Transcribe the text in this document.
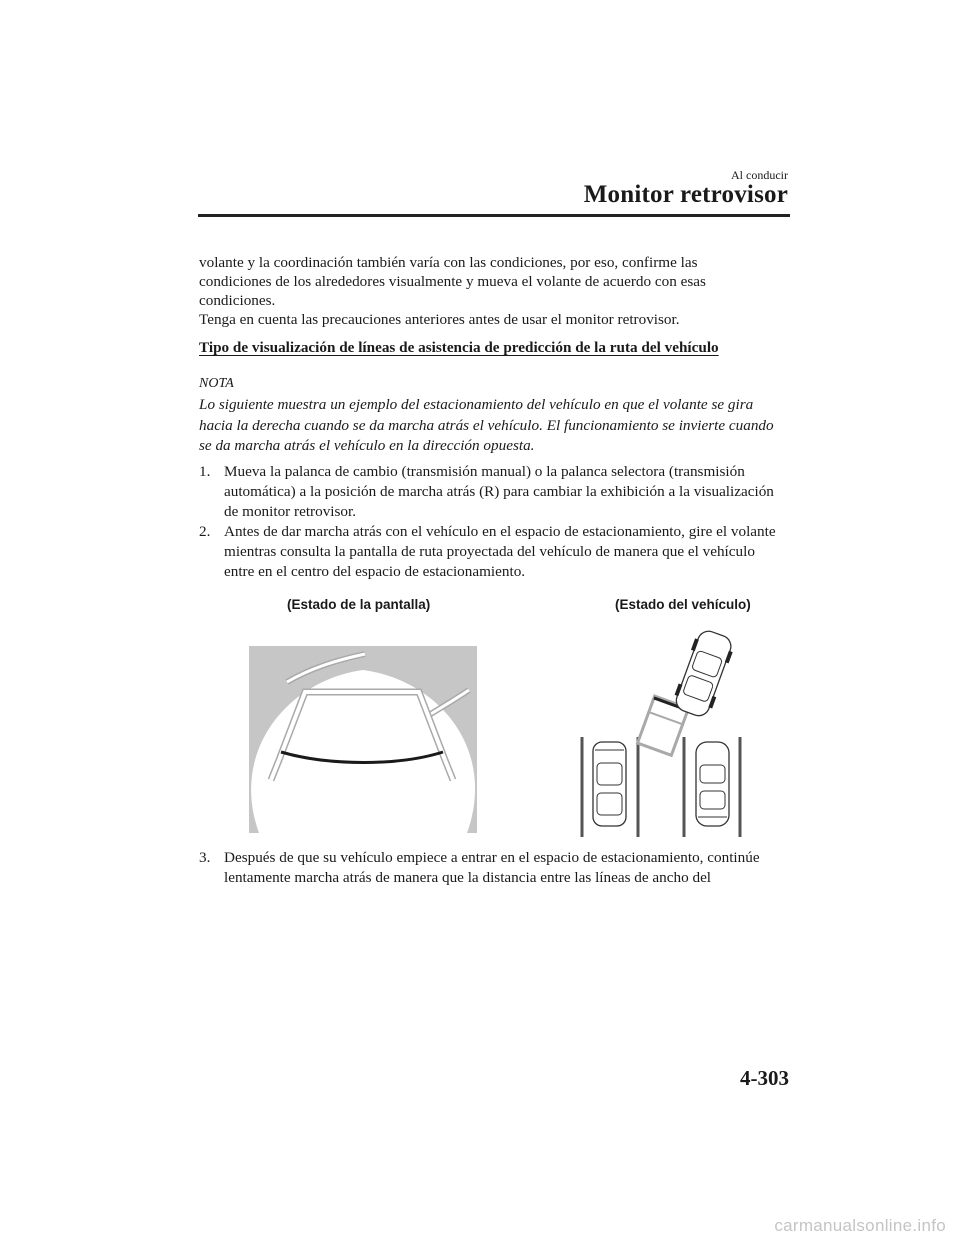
Al conducir
Monitor retrovisor

volante y la coordinación también varía con las condiciones, por eso, confirme las

condiciones de los alrededores visualmente y mueva el volante de acuerdo con esas

condiciones.

Tenga en cuenta las precauciones anteriores antes de usar el monitor retrovisor.

Tipo de visualización de líneas de asistencia de predicción de la ruta del vehículo
NOTA
Lo siguiente muestra un ejemplo del estacionamiento del vehículo en que el volante se gira hacia la derecha cuando se da marcha atrás el vehículo. El funcionamiento se invierte cuando se da marcha atrás el vehículo en la dirección opuesta.
1. Mueva la palanca de cambio (transmisión manual) o la palanca selectora (transmisión automática) a la posición de marcha atrás (R) para cambiar la exhibición a la visualización de monitor retrovisor.
2. Antes de dar marcha atrás con el vehículo en el espacio de estacionamiento, gire el volante mientras consulta la pantalla de ruta proyectada del vehículo de manera que el vehículo entre en el centro del espacio de estacionamiento.
(Estado de la pantalla)	(Estado del vehículo)
Compruebe los alrededores por seguridad
3. Después de que su vehículo empiece a entrar en el espacio de estacionamiento, continúe lentamente marcha atrás de manera que la distancia entre las líneas de ancho del
4-303
carmanualsonline.info
